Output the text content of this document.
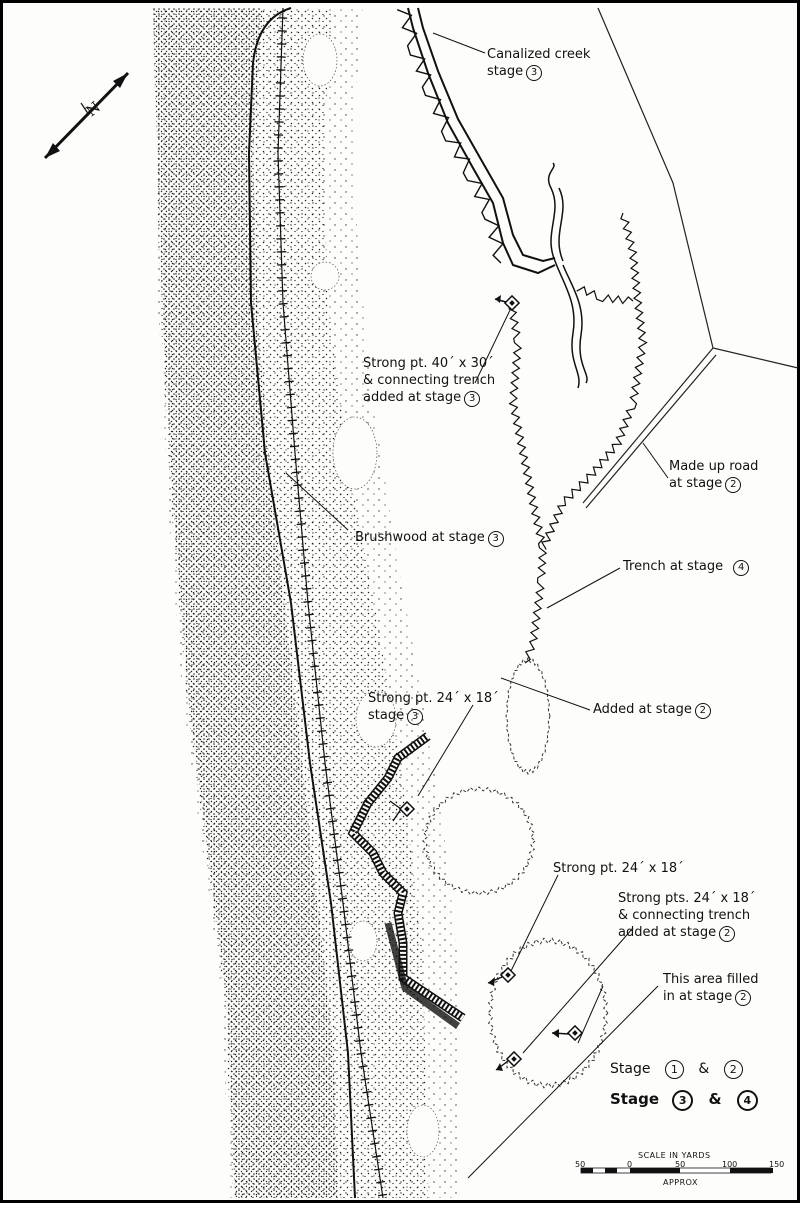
N
Canalized creek
stage 3
Strong pt. 40´ x 30´
& connecting trench
added at stage 3
Made up road
at stage 2
Brushwood at stage 3
Trench at stage 4
Added at stage 2
Strong pt. 24´ x 18´
stage 3
Strong pt. 24´ x 18´
Strong pts. 24´ x 18´
& connecting trench
added at stage 2
This area filled
in at stage 2
Stage 1 & 2
Stage 3 & 4
SCALE IN YARDS
50	0	50	100	150
APPROX
